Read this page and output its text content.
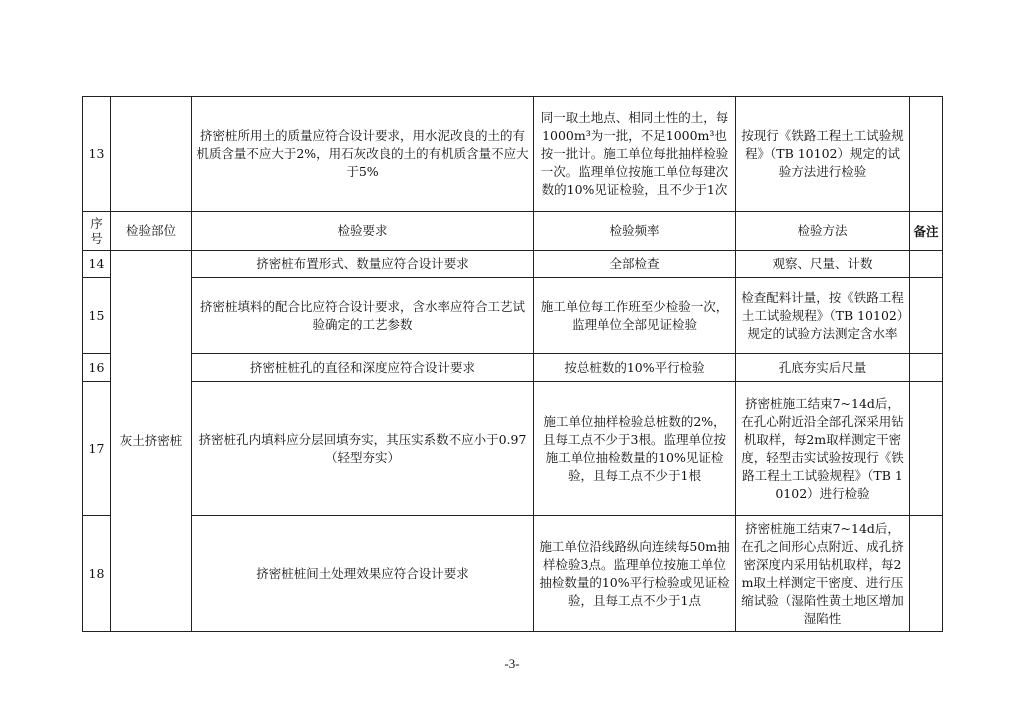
13		挤密桩所用土的质量应符合设计要求，用水泥改良的土的有机质含量不应大于2%，用石灰改良的土的有机质含量不应大于5%	同一取土地点、相同土性的土，每1000m³为一批，不足1000m³也按一批计。施工单位每批抽样检验一次。监理单位按施工单位每建次数的10%见证检验，且不少于1次	按现行《铁路工程土工试验规程》（TB 10102）规定的试验方法进行检验	
序号	检验部位	检验要求	检验频率	检验方法	备注
14	灰土挤密桩	挤密桩布置形式、数量应符合设计要求	全部检查	观察、尺量、计数	
15		挤密桩填料的配合比应符合设计要求，含水率应符合工艺试验确定的工艺参数	施工单位每工作班至少检验一次，监理单位全部见证检验	检查配料计量，按《铁路工程土工试验规程》（TB 10102）规定的试验方法测定含水率	
16		挤密桩桩孔的直径和深度应符合设计要求	按总桩数的10%平行检验	孔底夯实后尺量	
17		挤密桩孔内填料应分层回填夯实，其压实系数不应小于0.97（轻型夯实）	施工单位抽样检验总桩数的2%，且每工点不少于3根。监理单位按施工单位抽检数量的10%见证检验，且每工点不少于1根	挤密桩施工结束7~14d后，在孔心附近沿全部孔深采用钻机取样，每2m取样测定干密度，轻型击实试验按现行《铁路工程土工试验规程》（TB 10102）进行检验	
18		挤密桩桩间土处理效果应符合设计要求	施工单位沿线路纵向连续每50m抽样检验3点。监理单位按施工单位抽检数量的10%平行检验或见证检验，且每工点不少于1点	挤密桩施工结束7~14d后，在孔之间形心点附近、成孔挤密深度内采用钻机取样，每2m取土样测定干密度、进行压缩试验（湿陷性黄土地区增加湿陷性	
-3-
